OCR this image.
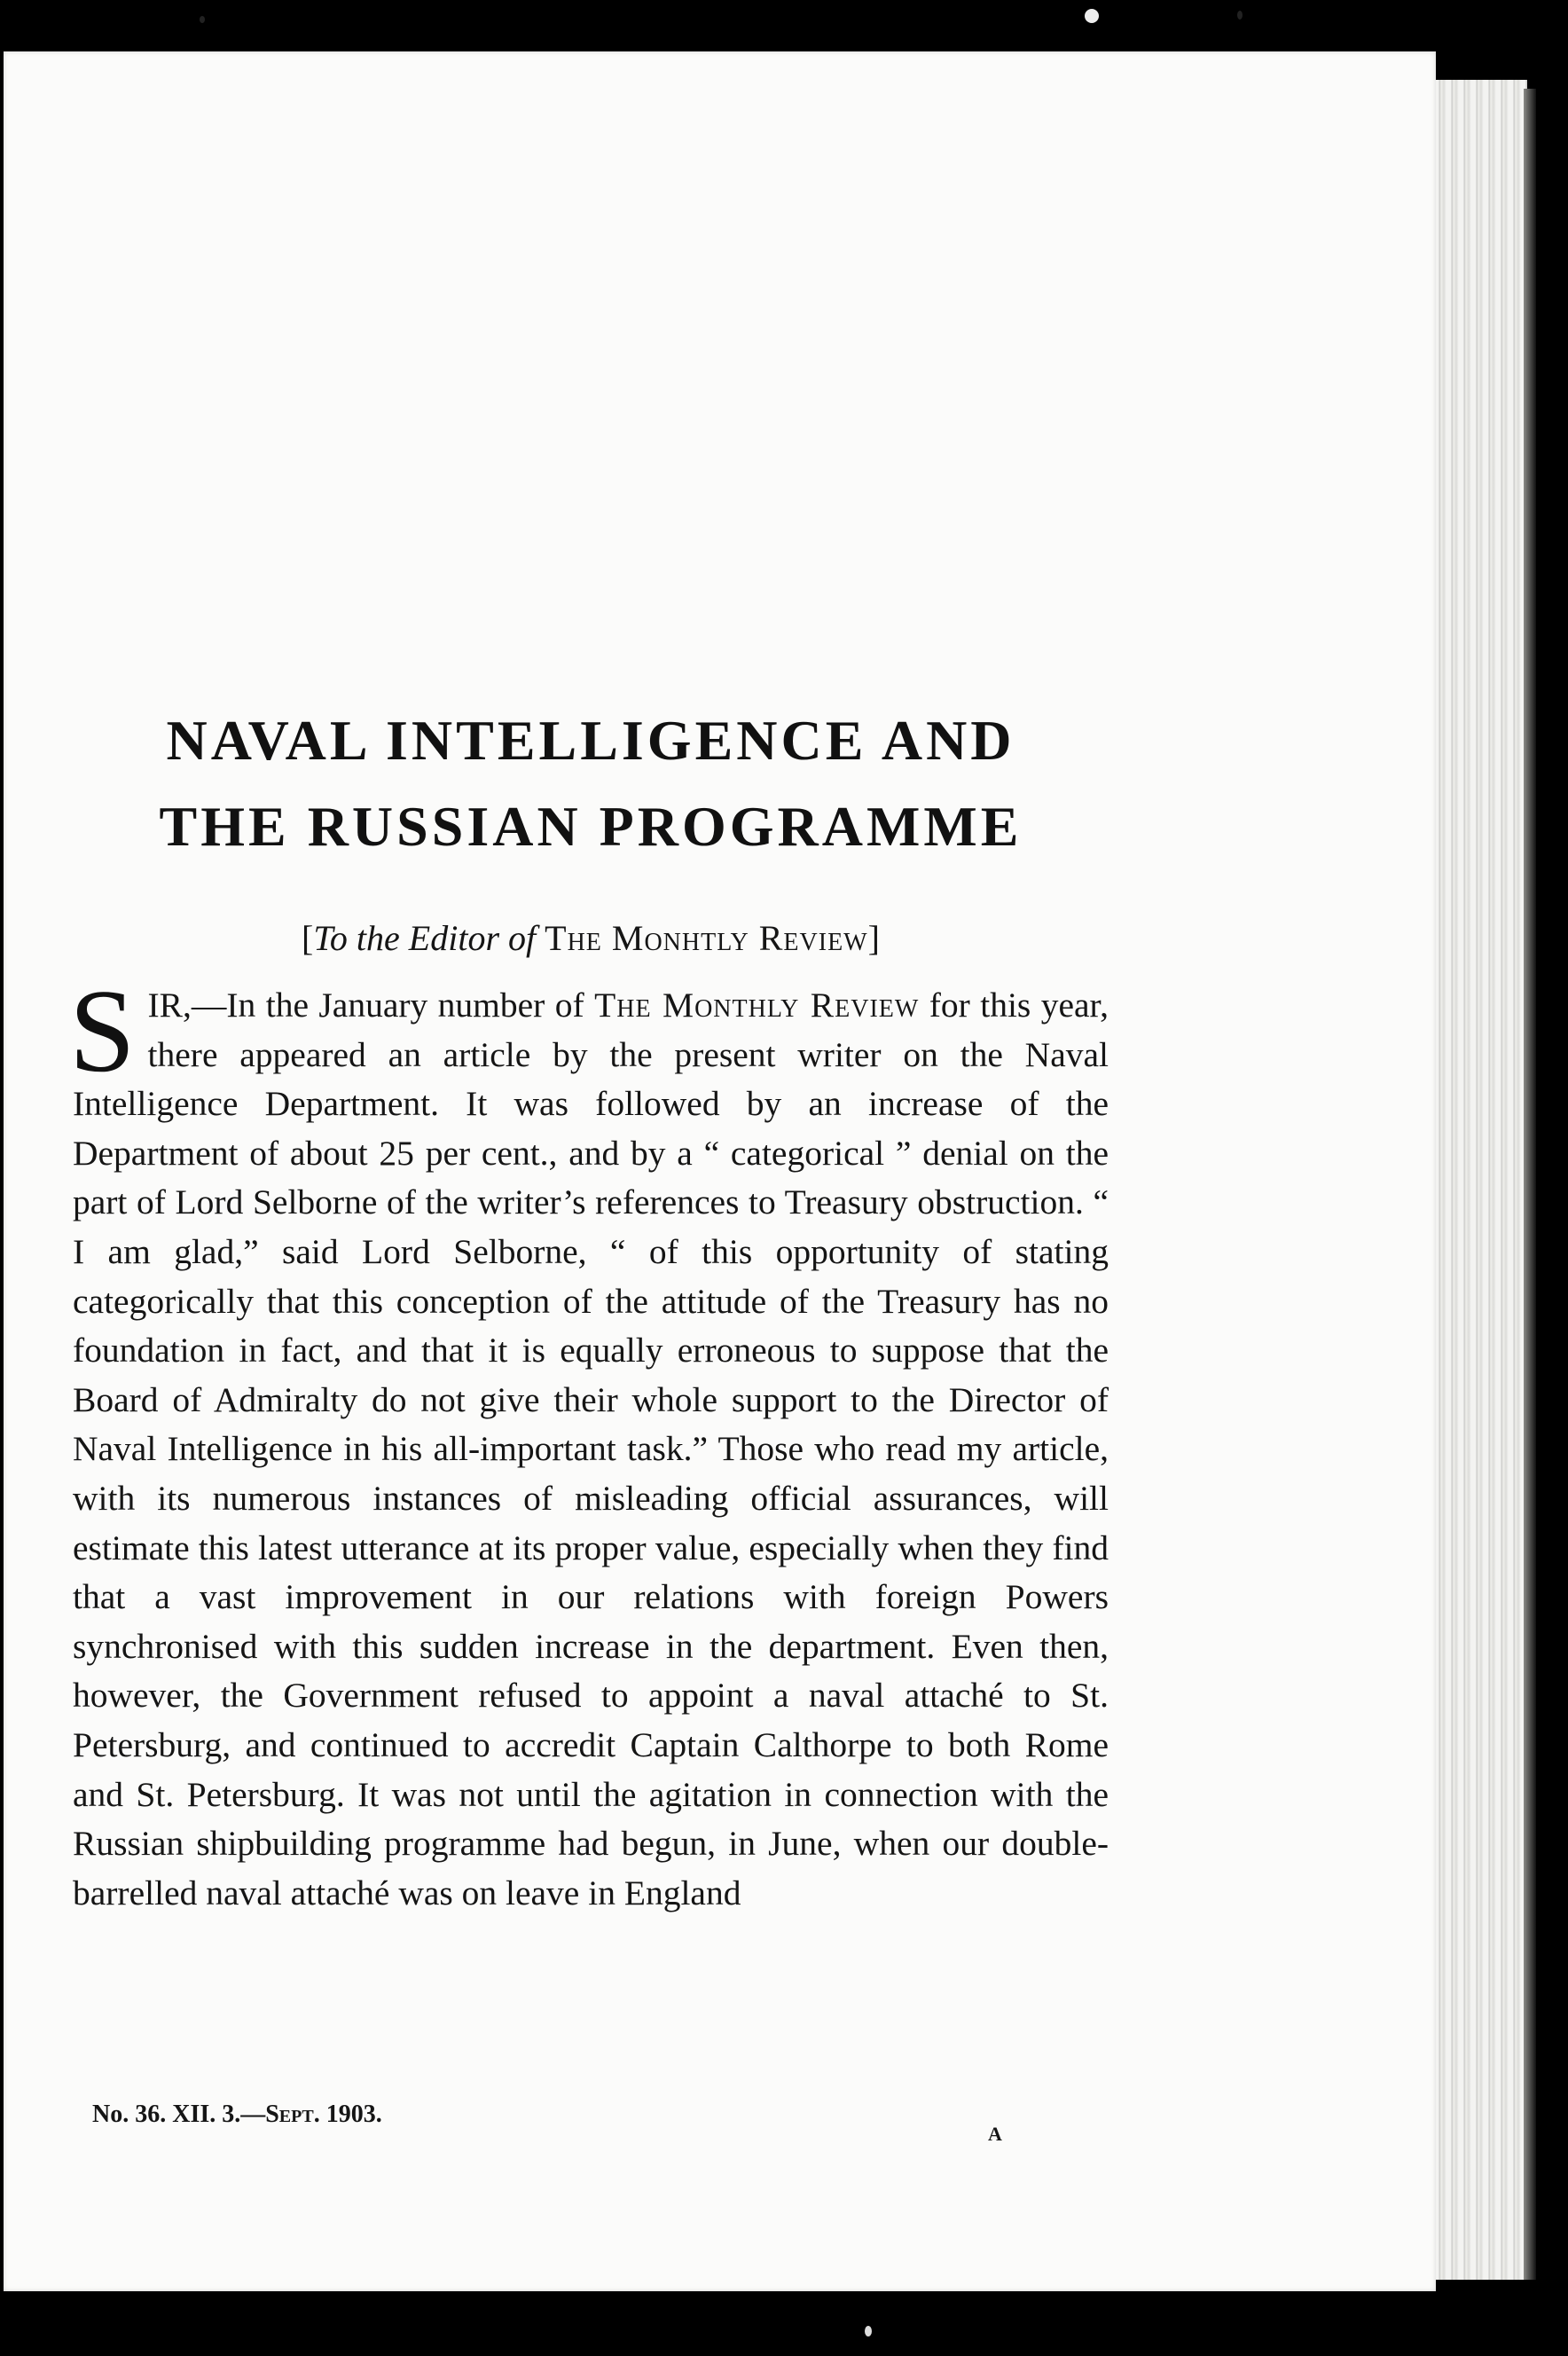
NAVAL INTELLIGENCE AND
THE RUSSIAN PROGRAMME
[To the Editor of The Monhtly Review]
SIR,—In the January number of The Monthly Review for this year, there appeared an article by the present writer on the Naval Intelligence Department. It was followed by an increase of the Department of about 25 per cent., and by a “ categorical ” denial on the part of Lord Selborne of the writer’s references to Treasury obstruction. “ I am glad,” said Lord Selborne, “ of this opportunity of stating categorically that this conception of the attitude of the Treasury has no foundation in fact, and that it is equally erroneous to suppose that the Board of Admiralty do not give their whole support to the Director of Naval Intelligence in his all-important task.” Those who read my article, with its numerous instances of misleading official assurances, will estimate this latest utterance at its proper value, especially when they find that a vast improvement in our relations with foreign Powers synchronised with this sudden increase in the department. Even then, however, the Government refused to appoint a naval attaché to St. Petersburg, and continued to accredit Captain Calthorpe to both Rome and St. Petersburg. It was not until the agitation in connection with the Russian shipbuilding programme had begun, in June, when our double-barrelled naval attaché was on leave in England
No. 36. XII. 3.—Sept. 1903.
A
